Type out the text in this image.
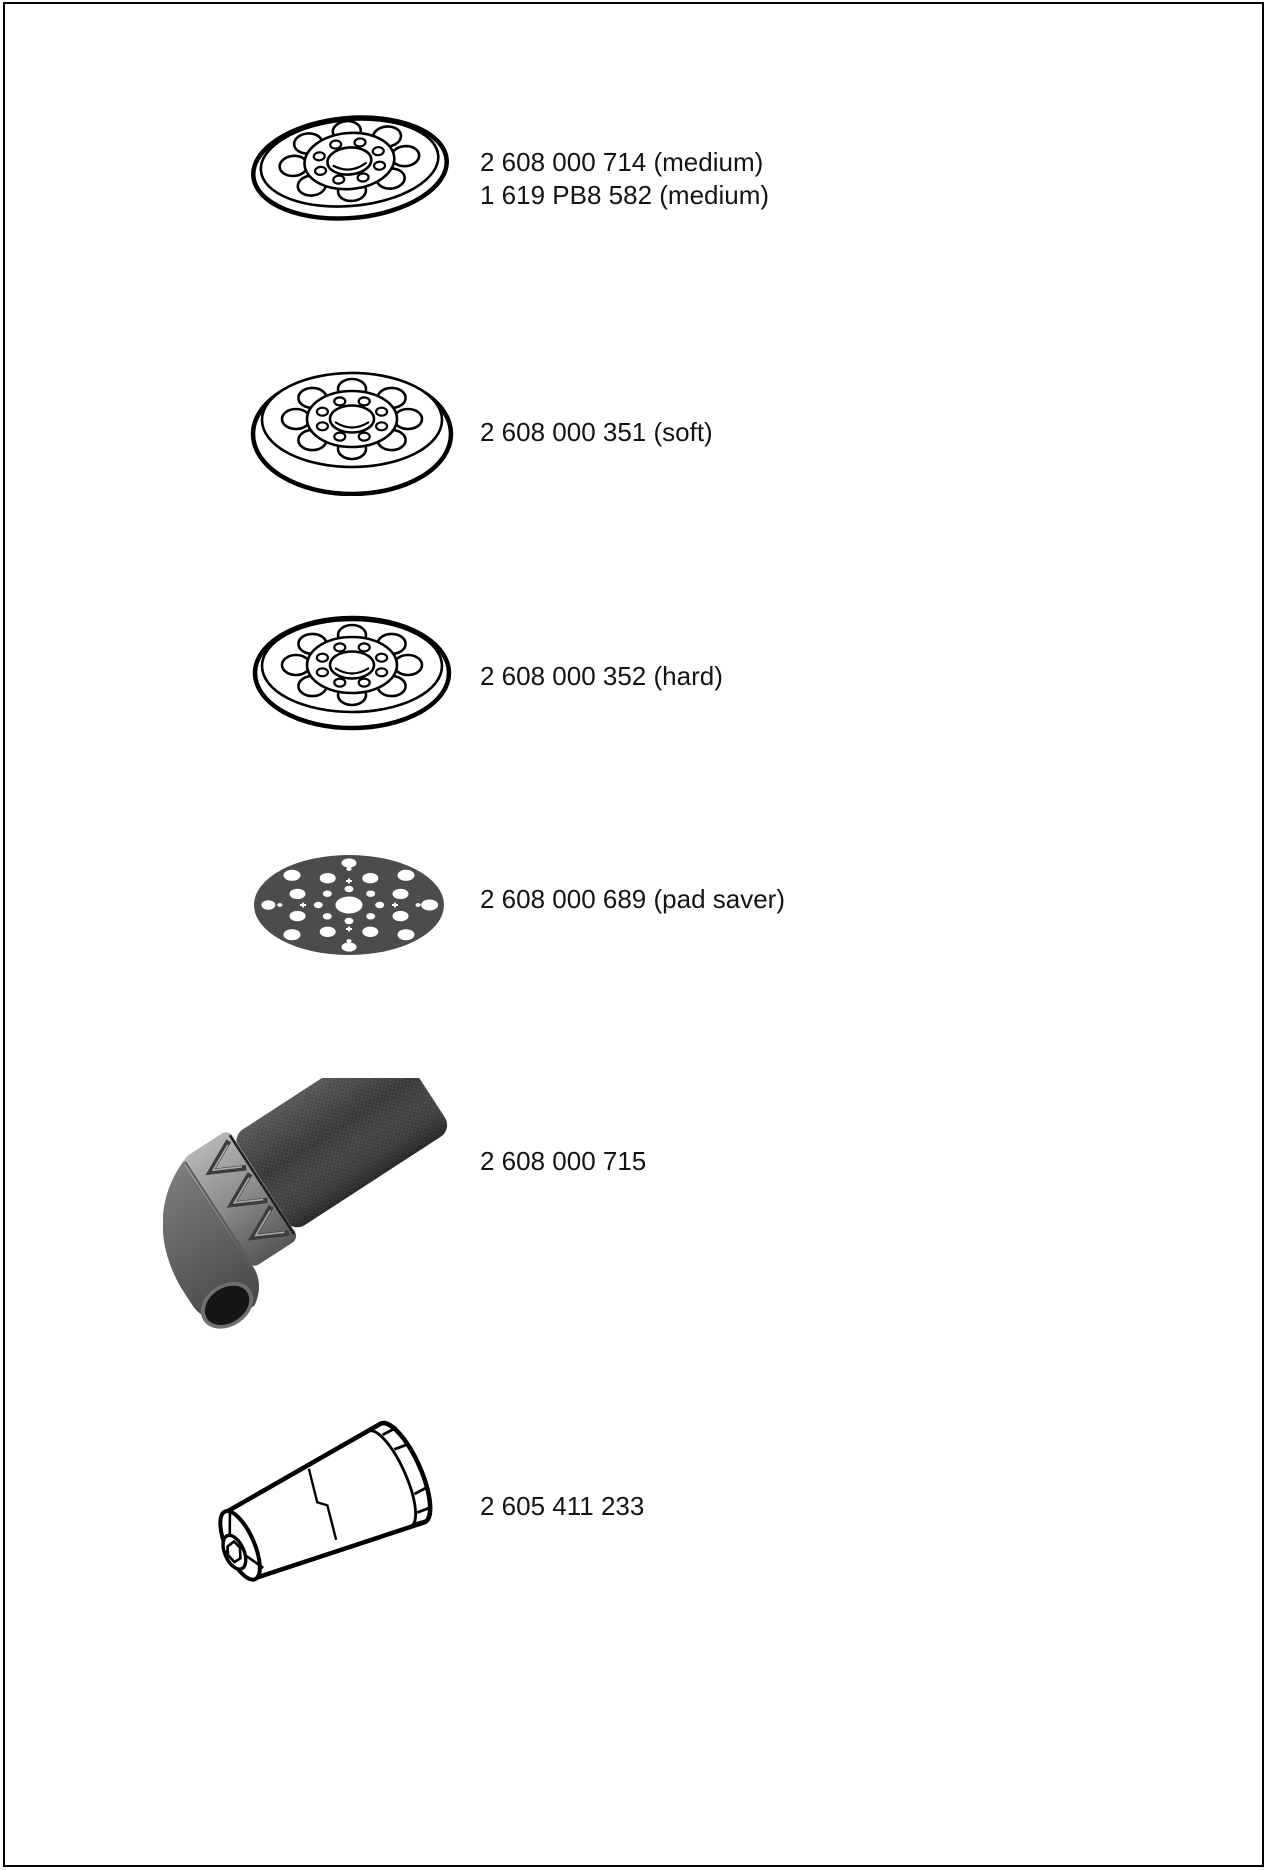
2 608 000 714 (medium)
1 619 PB8 582 (medium)
2 608 000 351 (soft)
2 608 000 352 (hard)
2 608 000 689 (pad saver)
2 608 000 715
2 605 411 233
